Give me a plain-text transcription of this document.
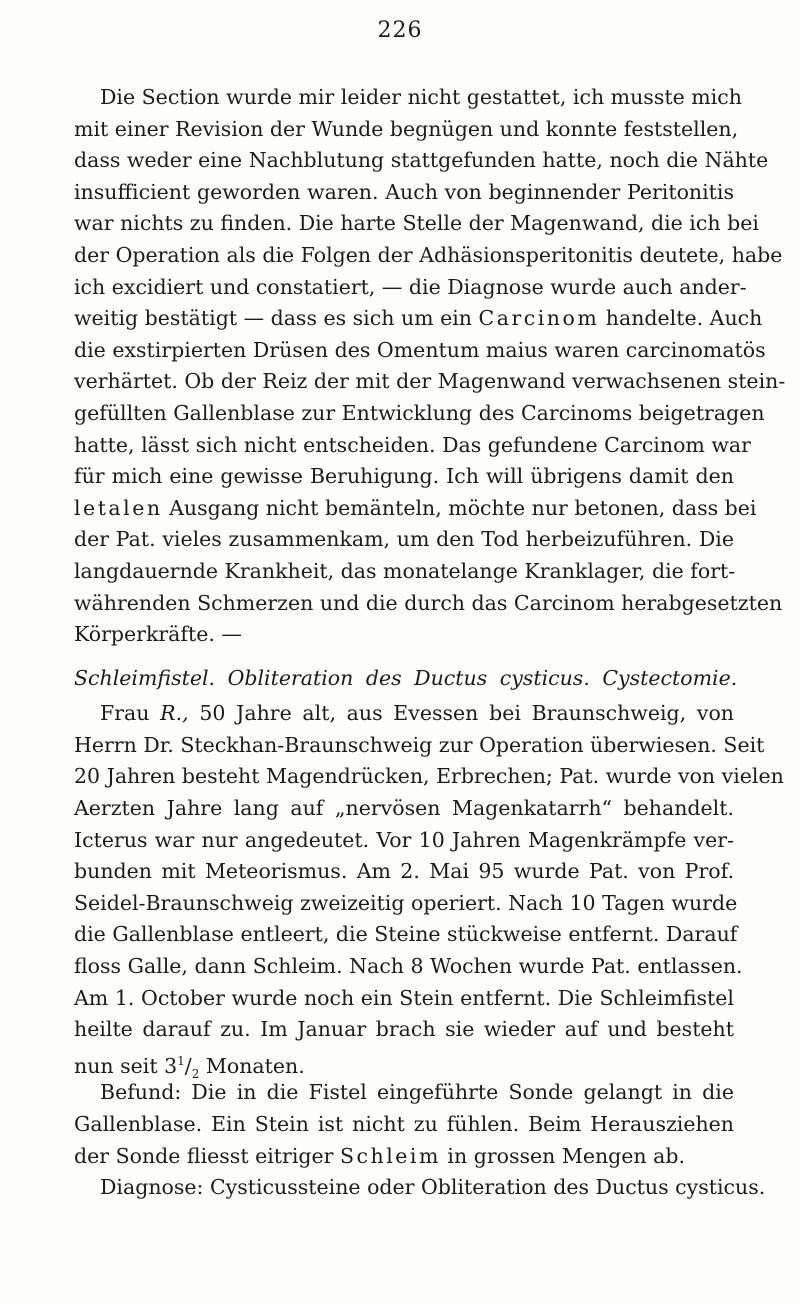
226
Die Section wurde mir leider nicht gestattet, ich musste mich
mit einer Revision der Wunde begnügen und konnte feststellen,
dass weder eine Nachblutung stattgefunden hatte, noch die Nähte
insufficient geworden waren. Auch von beginnender Peritonitis
war nichts zu finden. Die harte Stelle der Magenwand, die ich bei
der Operation als die Folgen der Adhäsionsperitonitis deutete, habe
ich excidiert und constatiert, — die Diagnose wurde auch ander-
weitig bestätigt — dass es sich um ein Carcinom handelte. Auch
die exstirpierten Drüsen des Omentum maius waren carcinomatös
verhärtet. Ob der Reiz der mit der Magenwand verwachsenen stein-
gefüllten Gallenblase zur Entwicklung des Carcinoms beigetragen
hatte, lässt sich nicht entscheiden. Das gefundene Carcinom war
für mich eine gewisse Beruhigung. Ich will übrigens damit den
letalen Ausgang nicht bemänteln, möchte nur betonen, dass bei
der Pat. vieles zusammenkam, um den Tod herbeizuführen. Die
langdauernde Krankheit, das monatelange Kranklager, die fort-
währenden Schmerzen und die durch das Carcinom herabgesetzten
Körperkräfte. —
Schleimfistel. Obliteration des Ductus cysticus. Cystectomie.
Frau R., 50 Jahre alt, aus Evessen bei Braunschweig, von
Herrn Dr. Steckhan-Braunschweig zur Operation überwiesen. Seit
20 Jahren besteht Magendrücken, Erbrechen; Pat. wurde von vielen
Aerzten Jahre lang auf „nervösen Magenkatarrh“ behandelt.
Icterus war nur angedeutet. Vor 10 Jahren Magenkrämpfe ver-
bunden mit Meteorismus. Am 2. Mai 95 wurde Pat. von Prof.
Seidel-Braunschweig zweizeitig operiert. Nach 10 Tagen wurde
die Gallenblase entleert, die Steine stückweise entfernt. Darauf
floss Galle, dann Schleim. Nach 8 Wochen wurde Pat. entlassen.
Am 1. October wurde noch ein Stein entfernt. Die Schleimfistel
heilte darauf zu. Im Januar brach sie wieder auf und besteht
nun seit $3^1/_2$ Monaten.
Befund: Die in die Fistel eingeführte Sonde gelangt in die
Gallenblase. Ein Stein ist nicht zu fühlen. Beim Herausziehen
der Sonde fliesst eitriger Schleim in grossen Mengen ab.
Diagnose: Cysticussteine oder Obliteration des Ductus cysticus.
